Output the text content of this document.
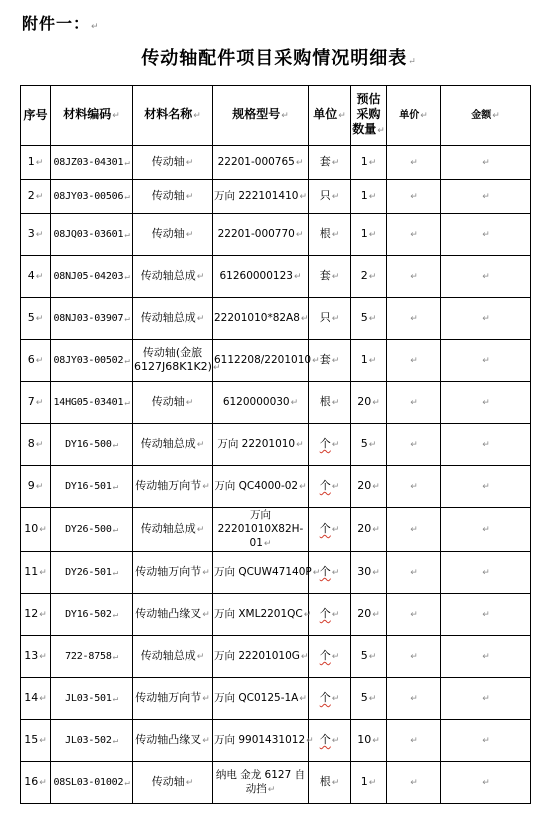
附件一：↵
传动轴配件项目采购情况明细表↵
序号	材料编码↵	材料名称↵	规格型号↵	单位↵	预估采购数量↵	单价↵	金额↵
1↵	08JZ03-04301↵	传动轴↵	22201-000765↵	套↵	1↵	↵	↵
2↵	08JY03-00506↵	传动轴↵	万向 222101410↵	只↵	1↵	↵	↵
3↵	08JQ03-03601↵	传动轴↵	22201-000770↵	根↵	1↵	↵	↵
4↵	08NJ05-04203↵	传动轴总成↵	61260000123↵	套↵	2↵	↵	↵
5↵	08NJ03-03907↵	传动轴总成↵	22201010*82A8↵	只↵	5↵	↵	↵
6↵	08JY03-00502↵	传动轴(金旅6127J68K1K2)↵	6112208/2201010↵	套↵	1↵	↵	↵
7↵	14HG05-03401↵	传动轴↵	6120000030↵	根↵	20↵	↵	↵
8↵	DY16-500↵	传动轴总成↵	万向 22201010↵	个↵	5↵	↵	↵
9↵	DY16-501↵	传动轴万向节↵	万向 QC4000-02↵	个↵	20↵	↵	↵
10↵	DY26-500↵	传动轴总成↵	万向 22201010X82H-01↵	个↵	20↵	↵	↵
11↵	DY26-501↵	传动轴万向节↵	万向 QCUW47140P↵	个↵	30↵	↵	↵
12↵	DY16-502↵	传动轴凸缘叉↵	万向 XML2201QC↵	个↵	20↵	↵	↵
13↵	722-8758↵	传动轴总成↵	万向 22201010G↵	个↵	5↵	↵	↵
14↵	JL03-501↵	传动轴万向节↵	万向 QC0125-1A↵	个↵	5↵	↵	↵
15↵	JL03-502↵	传动轴凸缘叉↵	万向 9901431012↵	个↵	10↵	↵	↵
16↵	08SL03-01002↵	传动轴↵	纳电 金龙 6127 自动挡↵	根↵	1↵	↵	↵
